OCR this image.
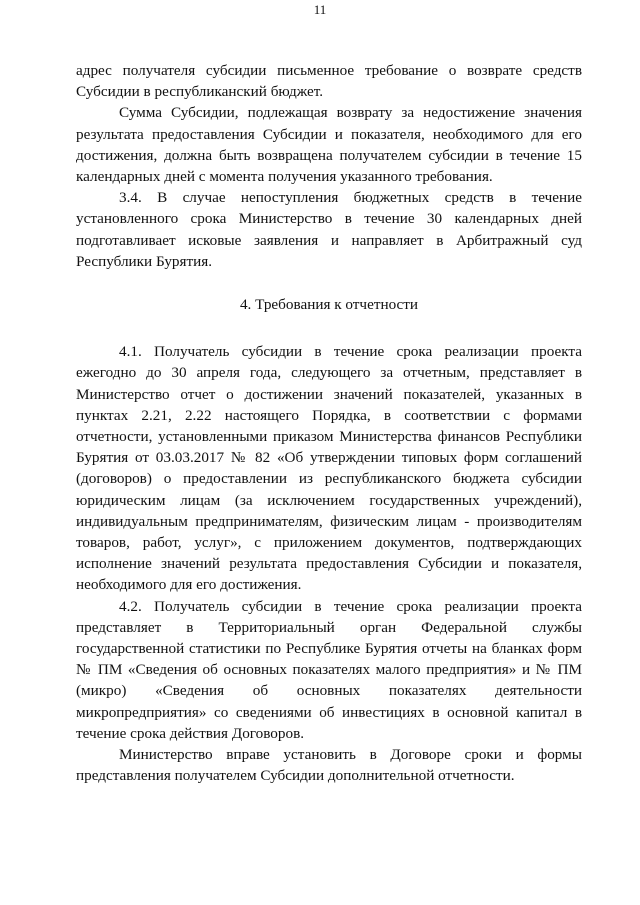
11

адрес получателя субсидии письменное требование о возврате средств Субсидии в республиканский бюджет.

Сумма Субсидии, подлежащая возврату за недостижение значения результата предоставления Субсидии и показателя, необходимого для его достижения, должна быть возвращена получателем субсидии в течение 15 календарных дней с момента получения указанного требования.

3.4. В случае непоступления бюджетных средств в течение установленного срока Министерство в течение 30 календарных дней подготавливает исковые заявления и направляет в Арбитражный суд Республики Бурятия.

4. Требования к отчетности

4.1. Получатель субсидии в течение срока реализации проекта ежегодно до 30 апреля года, следующего за отчетным, представляет в Министерство отчет о достижении значений показателей, указанных в пунктах 2.21, 2.22 настоящего Порядка, в соответствии с формами отчетности, установленными приказом Министерства финансов Республики Бурятия от 03.03.2017 № 82 «Об утверждении типовых форм соглашений (договоров) о предоставлении из республиканского бюджета субсидии юридическим лицам (за исключением государственных учреждений), индивидуальным предпринимателям, физическим лицам - производителям товаров, работ, услуг», с приложением документов, подтверждающих исполнение значений результата предоставления Субсидии и показателя, необходимого для его достижения.

4.2. Получатель субсидии в течение срока реализации проекта представляет в Территориальный орган Федеральной службы государственной статистики по Республике Бурятия отчеты на бланках форм № ПМ «Сведения об основных показателях малого предприятия» и № ПМ (микро) «Сведения об основных показателях деятельности микропредприятия» со сведениями об инвестициях в основной капитал в течение срока действия Договоров.

Министерство вправе установить в Договоре сроки и формы представления получателем Субсидии дополнительной отчетности.
